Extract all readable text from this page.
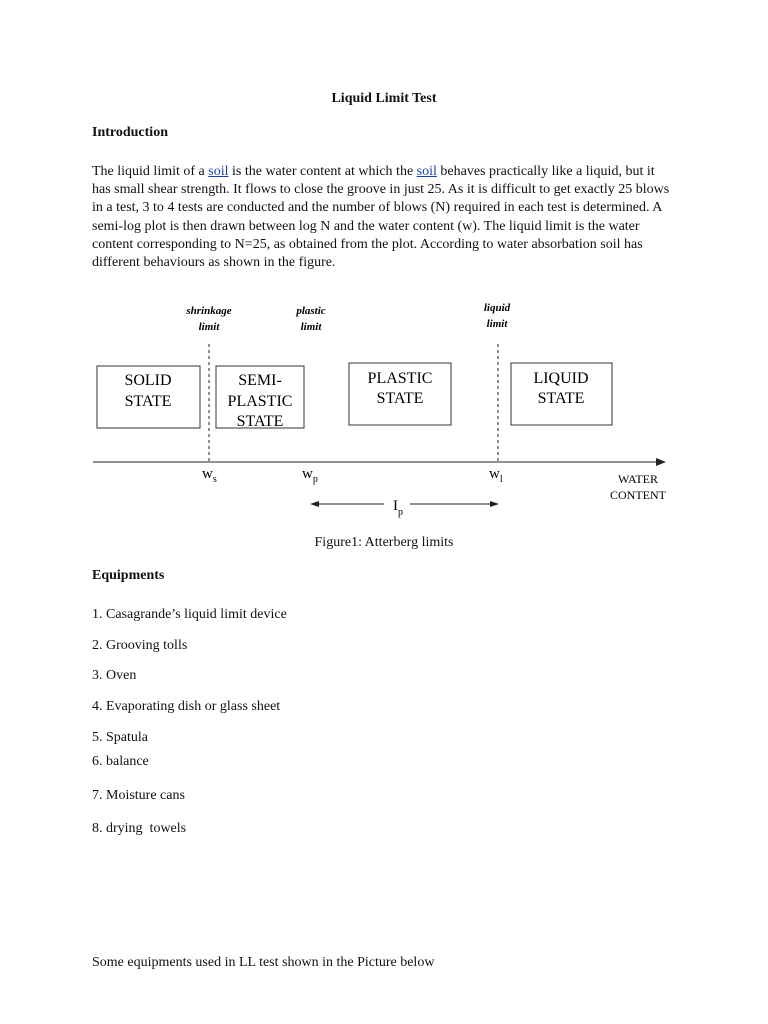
Liquid Limit Test
Introduction
The liquid limit of a soil is the water content at which the soil behaves practically like a liquid, but it has small shear strength. It flows to close the groove in just 25. As it is difficult to get exactly 25 blows in a test, 3 to 4 tests are conducted and the number of blows (N) required in each test is determined. A semi-log plot is then drawn between log N and the water content (w). The liquid limit is the water content corresponding to N=25, as obtained from the plot. According to water absorbation soil has different behaviours as shown in the figure.
shrinkage
limit
plastic
limit
liquid
limit
SOLID
STATE
SEMI-
PLASTIC
STATE
PLASTIC
STATE
LIQUID
STATE
$w_s$	$w_p$	$w_l$	WATER
CONTENT
$I_p$
Figure1: Atterberg limits
Equipments
1. Casagrande’s liquid limit device
2. Grooving tolls
3. Oven
4. Evaporating dish or glass sheet
5. Spatula
6. balance
7. Moisture cans
8. drying  towels
Some equipments used in LL test shown in the Picture below
